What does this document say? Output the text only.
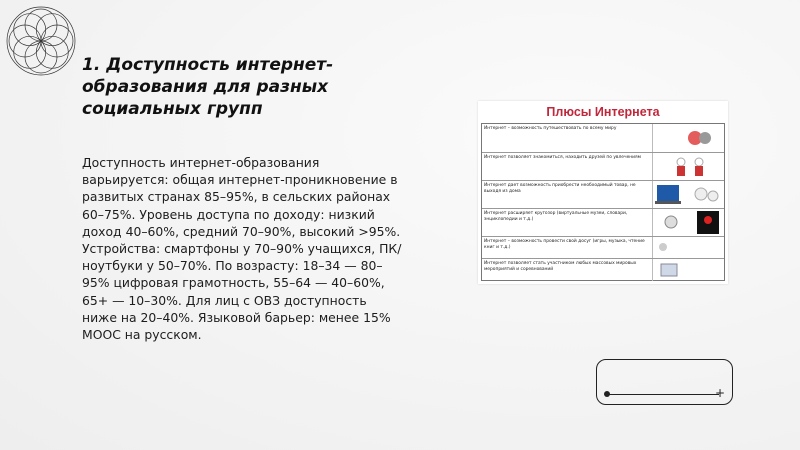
1. Доступность интернет-образования для разных социальных групп
Доступность интернет-образования варьируется: общая интернет-проникновение в развитых странах 85–95%, в сельских районах 60–75%. Уровень доступа по доходу: низкий доход 40–60%, средний 70–90%, высокий >95%. Устройства: смартфоны у 70–90% учащихся, ПК/ноутбуки у 50–70%. По возрасту: 18–34 — 80–95% цифровая грамотность, 55–64 — 40–60%, 65+ — 10–30%. Для лиц с ОВЗ доступность ниже на 20–40%. Языковой барьер: менее 15% МООС на русском.
Плюсы Интернета
Интернет – возможность путешествовать по всему миру
Интернет позволяет знакомиться, находить друзей по увлечениям
Интернет дает возможность приобрести необходимый товар, не выходя из дома
Интернет расширяет кругозор (виртуальные музеи, словари, энциклопедии и т.д.)
Интернет – возможность провести свой досуг (игры, музыка, чтение книг и т.д.)
Интернет позволяет стать участником любых массовых мировых мероприятий и соревнований
+
